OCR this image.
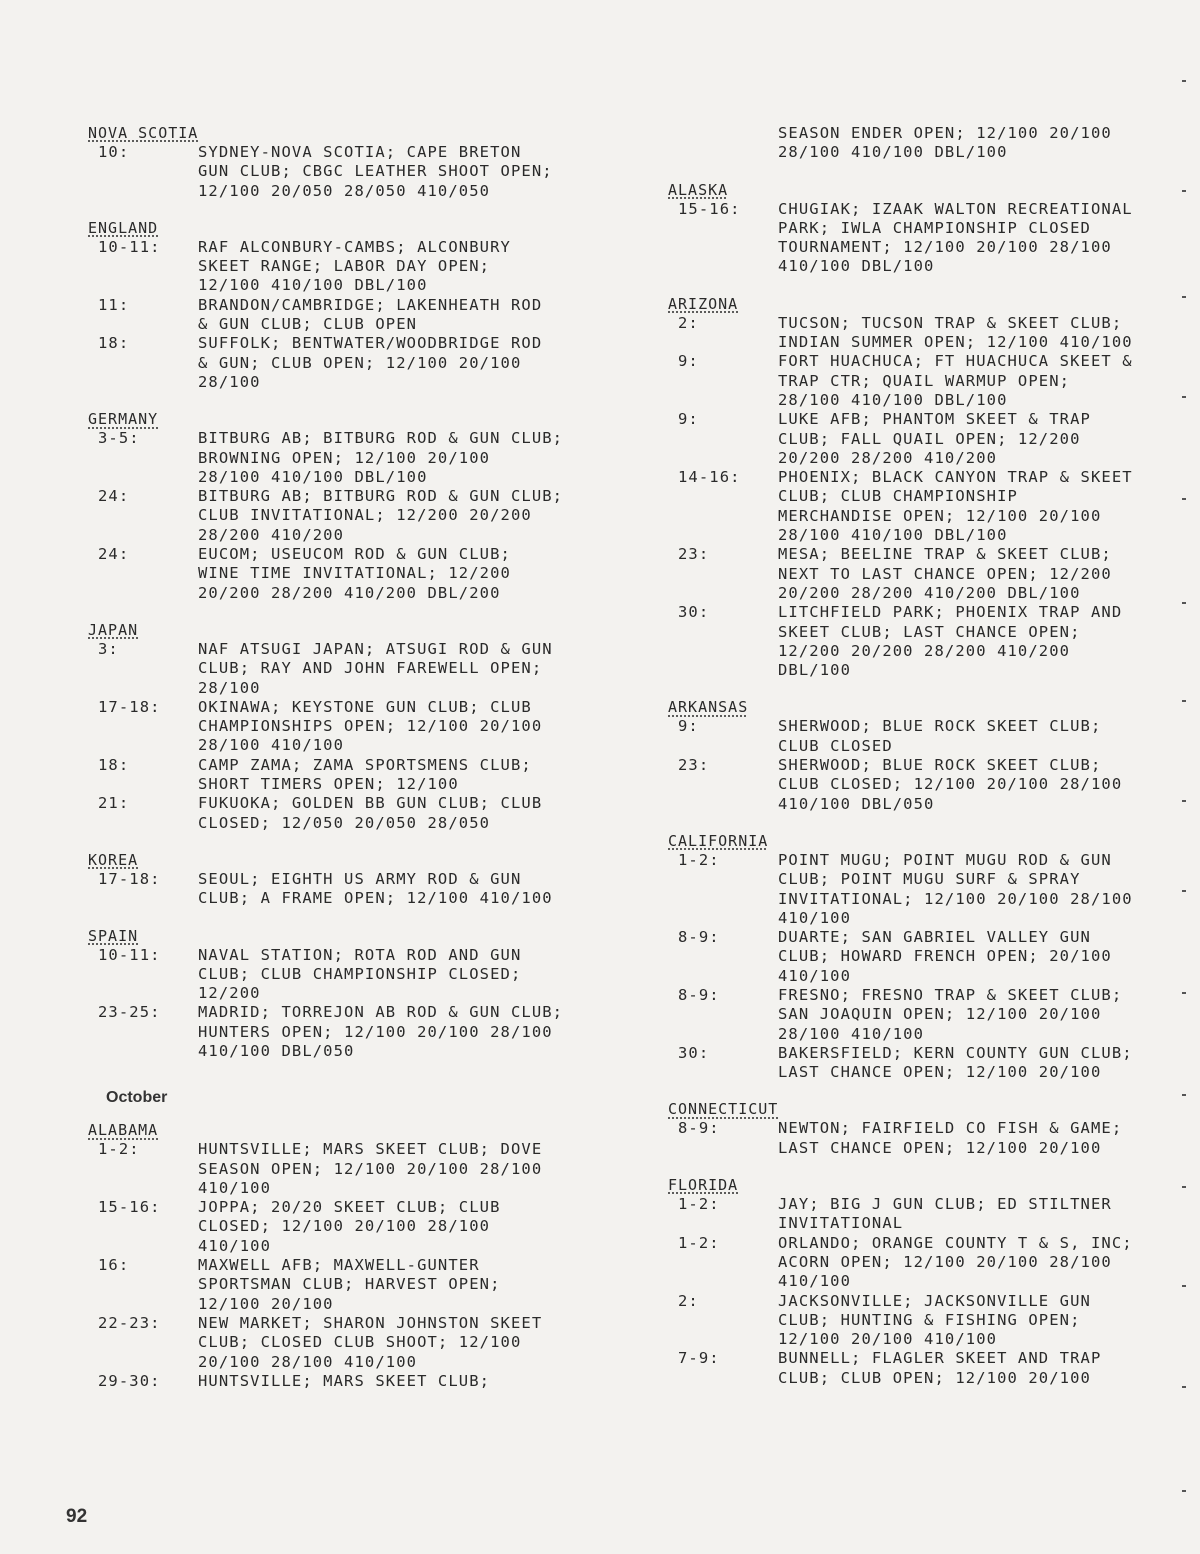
NOVA SCOTIA
10:	SYDNEY-NOVA SCOTIA; CAPE BRETON
GUN CLUB; CBGC LEATHER SHOOT OPEN;
12/100 20/050 28/050 410/050
ENGLAND
10-11:	RAF ALCONBURY-CAMBS; ALCONBURY
SKEET RANGE; LABOR DAY OPEN;
12/100 410/100 DBL/100
11:	BRANDON/CAMBRIDGE; LAKENHEATH ROD
& GUN CLUB; CLUB OPEN
18:	SUFFOLK; BENTWATER/WOODBRIDGE ROD
& GUN; CLUB OPEN; 12/100 20/100
28/100
GERMANY
3-5:	BITBURG AB; BITBURG ROD & GUN CLUB;
BROWNING OPEN; 12/100 20/100
28/100 410/100 DBL/100
24:	BITBURG AB; BITBURG ROD & GUN CLUB;
CLUB INVITATIONAL; 12/200 20/200
28/200 410/200
24:	EUCOM; USEUCOM ROD & GUN CLUB;
WINE TIME INVITATIONAL; 12/200
20/200 28/200 410/200 DBL/200
JAPAN
3:	NAF ATSUGI JAPAN; ATSUGI ROD & GUN
CLUB; RAY AND JOHN FAREWELL OPEN;
28/100
17-18:	OKINAWA; KEYSTONE GUN CLUB; CLUB
CHAMPIONSHIPS OPEN; 12/100 20/100
28/100 410/100
18:	CAMP ZAMA; ZAMA SPORTSMENS CLUB;
SHORT TIMERS OPEN; 12/100
21:	FUKUOKA; GOLDEN BB GUN CLUB; CLUB
CLOSED; 12/050 20/050 28/050
KOREA
17-18:	SEOUL; EIGHTH US ARMY ROD & GUN
CLUB; A FRAME OPEN; 12/100 410/100
SPAIN
10-11:	NAVAL STATION; ROTA ROD AND GUN
CLUB; CLUB CHAMPIONSHIP CLOSED;
12/200
23-25:	MADRID; TORREJON AB ROD & GUN CLUB;
HUNTERS OPEN; 12/100 20/100 28/100
410/100 DBL/050
October
ALABAMA
1-2:	HUNTSVILLE; MARS SKEET CLUB; DOVE
SEASON OPEN; 12/100 20/100 28/100
410/100
15-16:	JOPPA; 20/20 SKEET CLUB; CLUB
CLOSED; 12/100 20/100 28/100
410/100
16:	MAXWELL AFB; MAXWELL-GUNTER
SPORTSMAN CLUB; HARVEST OPEN;
12/100 20/100
22-23:	NEW MARKET; SHARON JOHNSTON SKEET
CLUB; CLOSED CLUB SHOOT; 12/100
20/100 28/100 410/100
29-30:	HUNTSVILLE; MARS SKEET CLUB;
SEASON ENDER OPEN; 12/100 20/100
28/100 410/100 DBL/100
ALASKA
15-16:	CHUGIAK; IZAAK WALTON RECREATIONAL
PARK; IWLA CHAMPIONSHIP CLOSED
TOURNAMENT; 12/100 20/100 28/100
410/100 DBL/100
ARIZONA
2:	TUCSON; TUCSON TRAP & SKEET CLUB;
INDIAN SUMMER OPEN; 12/100 410/100
9:	FORT HUACHUCA; FT HUACHUCA SKEET &
TRAP CTR; QUAIL WARMUP OPEN;
28/100 410/100 DBL/100
9:	LUKE AFB; PHANTOM SKEET & TRAP
CLUB; FALL QUAIL OPEN; 12/200
20/200 28/200 410/200
14-16:	PHOENIX; BLACK CANYON TRAP & SKEET
CLUB; CLUB CHAMPIONSHIP
MERCHANDISE OPEN; 12/100 20/100
28/100 410/100 DBL/100
23:	MESA; BEELINE TRAP & SKEET CLUB;
NEXT TO LAST CHANCE OPEN; 12/200
20/200 28/200 410/200 DBL/100
30:	LITCHFIELD PARK; PHOENIX TRAP AND
SKEET CLUB; LAST CHANCE OPEN;
12/200 20/200 28/200 410/200
DBL/100
ARKANSAS
9:	SHERWOOD; BLUE ROCK SKEET CLUB;
CLUB CLOSED
23:	SHERWOOD; BLUE ROCK SKEET CLUB;
CLUB CLOSED; 12/100 20/100 28/100
410/100 DBL/050
CALIFORNIA
1-2:	POINT MUGU; POINT MUGU ROD & GUN
CLUB; POINT MUGU SURF & SPRAY
INVITATIONAL; 12/100 20/100 28/100
410/100
8-9:	DUARTE; SAN GABRIEL VALLEY GUN
CLUB; HOWARD FRENCH OPEN; 20/100
410/100
8-9:	FRESNO; FRESNO TRAP & SKEET CLUB;
SAN JOAQUIN OPEN; 12/100 20/100
28/100 410/100
30:	BAKERSFIELD; KERN COUNTY GUN CLUB;
LAST CHANCE OPEN; 12/100 20/100
CONNECTICUT
8-9:	NEWTON; FAIRFIELD CO FISH & GAME;
LAST CHANCE OPEN; 12/100 20/100
FLORIDA
1-2:	JAY; BIG J GUN CLUB; ED STILTNER
INVITATIONAL
1-2:	ORLANDO; ORANGE COUNTY T & S, INC;
ACORN OPEN; 12/100 20/100 28/100
410/100
2:	JACKSONVILLE; JACKSONVILLE GUN
CLUB; HUNTING & FISHING OPEN;
12/100 20/100 410/100
7-9:	BUNNELL; FLAGLER SKEET AND TRAP
CLUB; CLUB OPEN; 12/100 20/100
92
